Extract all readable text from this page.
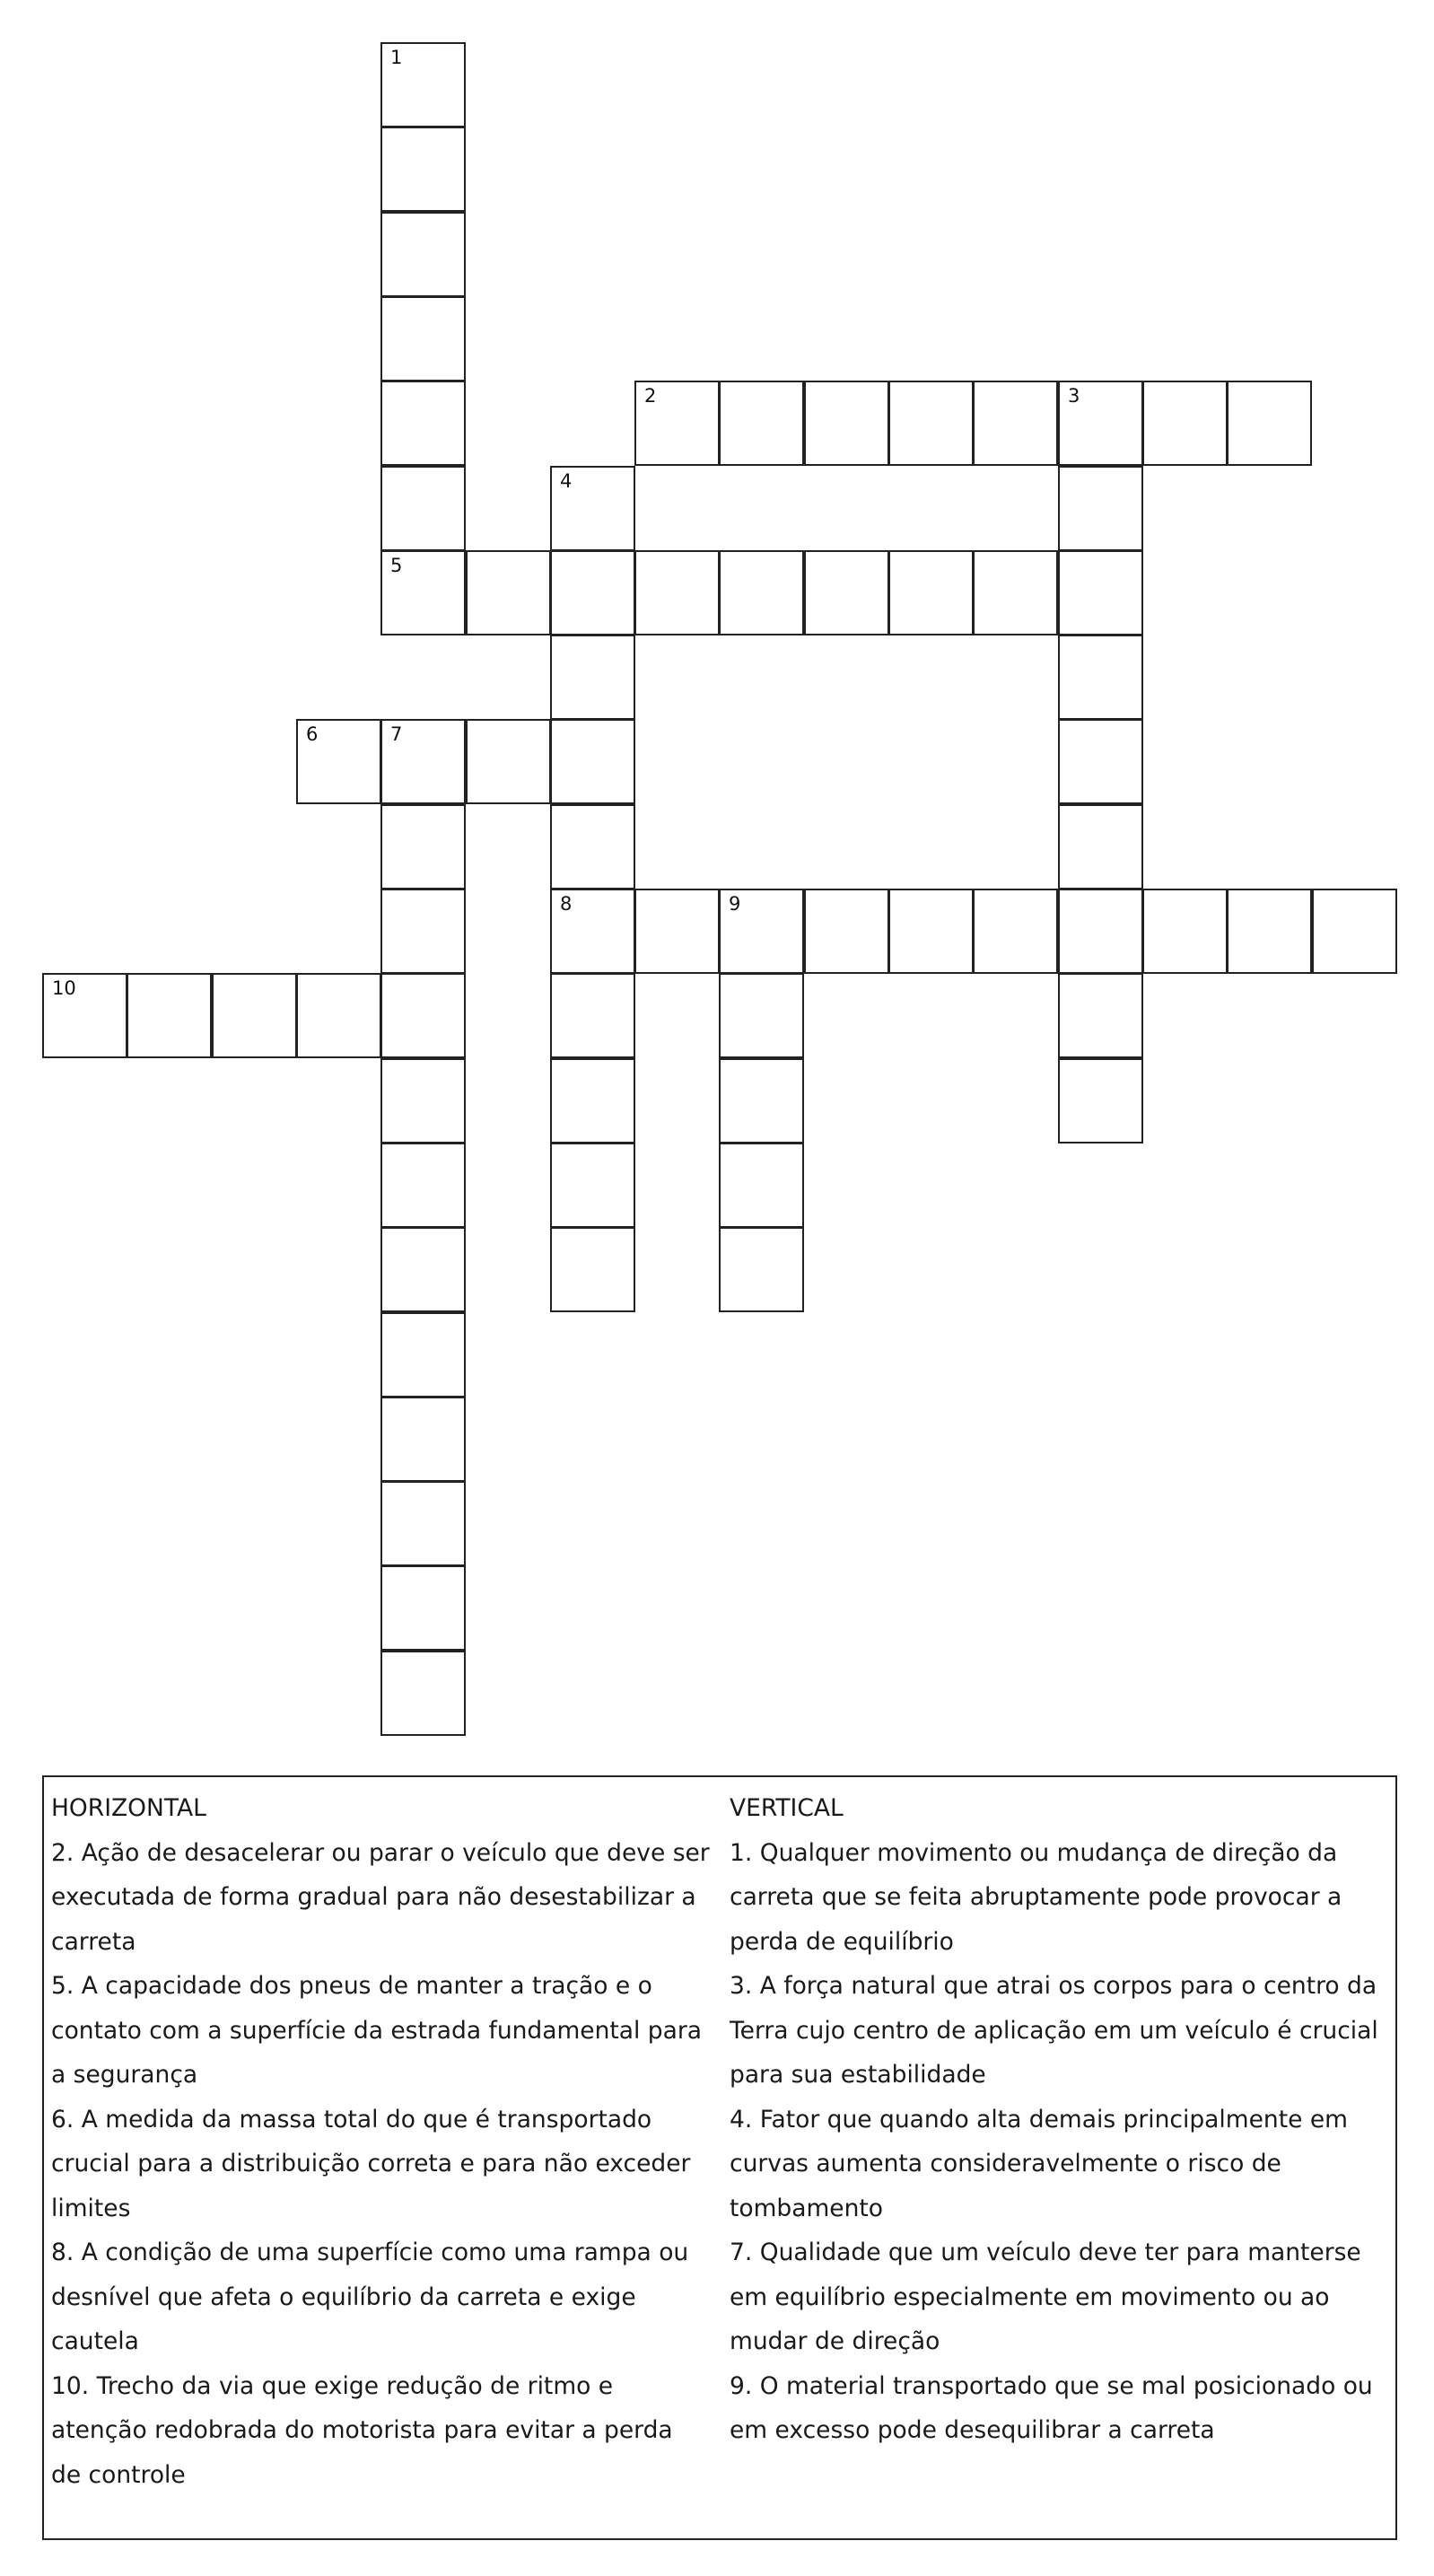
1
2	3
4
5
6	7
8	9
10
HORIZONTAL
2. Ação de desacelerar ou parar o veículo que deve ser
executada de forma gradual para não desestabilizar a
carreta
5. A capacidade dos pneus de manter a tração e o
contato com a superfície da estrada fundamental para
a segurança
6. A medida da massa total do que é transportado
crucial para a distribuição correta e para não exceder
limites
8. A condição de uma superfície como uma rampa ou
desnível que afeta o equilíbrio da carreta e exige
cautela
10. Trecho da via que exige redução de ritmo e
atenção redobrada do motorista para evitar a perda
de controle
VERTICAL
1. Qualquer movimento ou mudança de direção da
carreta que se feita abruptamente pode provocar a
perda de equilíbrio
3. A força natural que atrai os corpos para o centro da
Terra cujo centro de aplicação em um veículo é crucial
para sua estabilidade
4. Fator que quando alta demais principalmente em
curvas aumenta consideravelmente o risco de
tombamento
7. Qualidade que um veículo deve ter para manterse
em equilíbrio especialmente em movimento ou ao
mudar de direção
9. O material transportado que se mal posicionado ou
em excesso pode desequilibrar a carreta
